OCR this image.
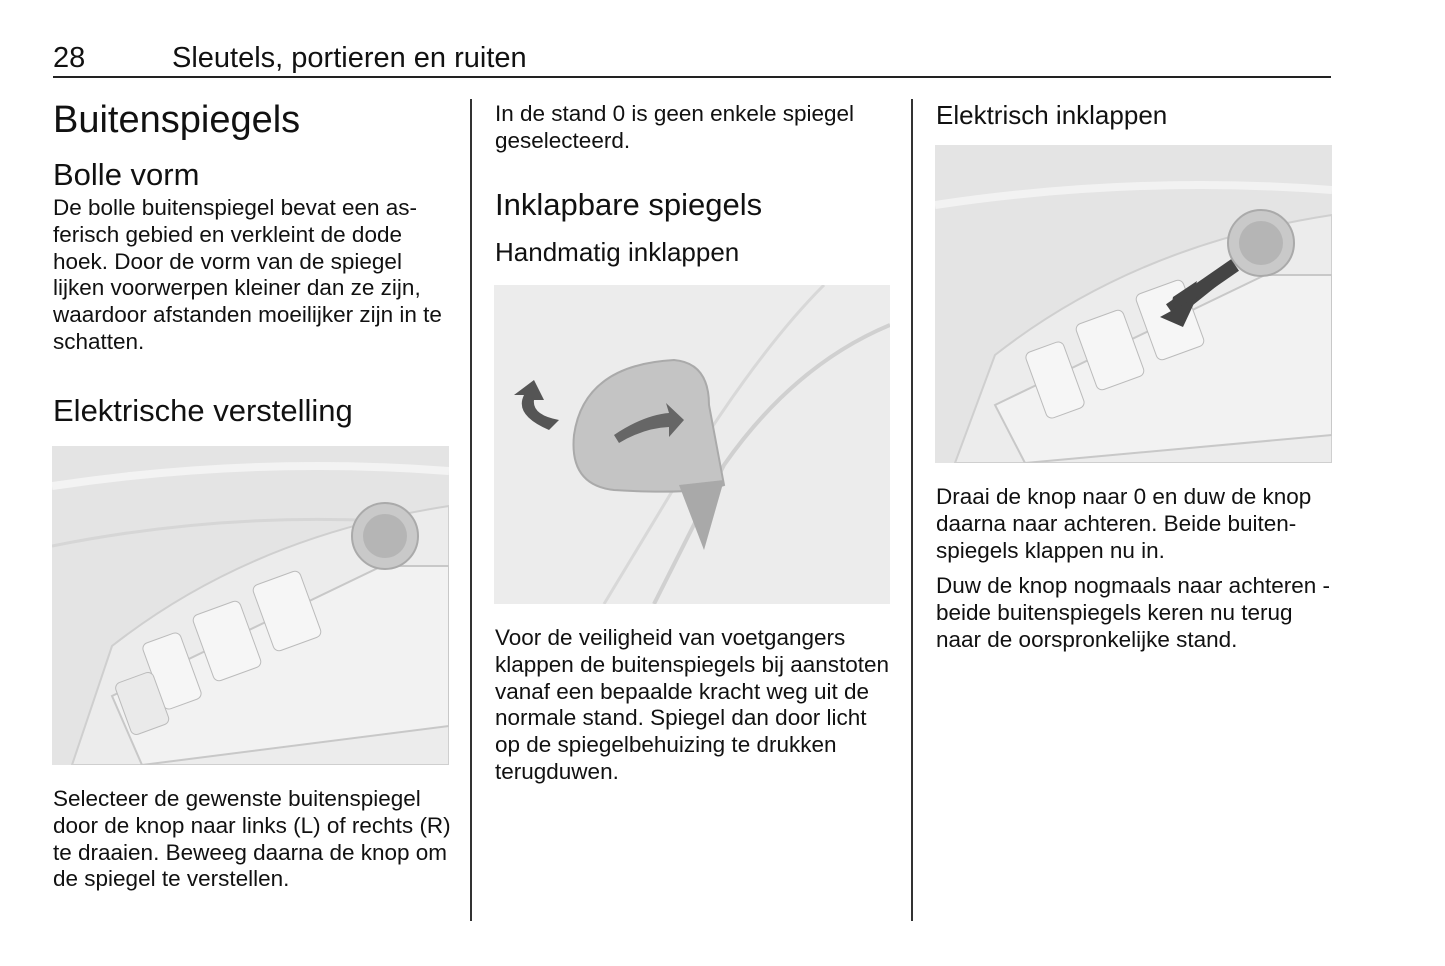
28	Sleutels, portieren en ruiten
Buitenspiegels
Bolle vorm

De bolle buitenspiegel bevat een asferisch gebied en verkleint de dode hoek. Door de vorm van de spiegel lijken voorwerpen kleiner dan ze zijn, waardoor afstanden moeilijker zijn in te schatten.

Elektrische verstelling

Selecteer de gewenste buitenspiegel door de knop naar links (L) of rechts (R) te draaien. Beweeg daarna de knop om de spiegel te verstellen.

In de stand 0 is geen enkele spiegel geselecteerd.

Inklapbare spiegels
Handmatig inklappen

Voor de veiligheid van voetgangers klappen de buitenspiegels bij aanstoten vanaf een bepaalde kracht weg uit de normale stand. Spiegel dan door licht op de spiegelbehuizing te drukken terugduwen.

Elektrisch inklappen

Draai de knop naar 0 en duw de knop daarna naar achteren. Beide buitenspiegels klappen nu in.

Duw de knop nogmaals naar achteren - beide buitenspiegels keren nu terug naar de oorspronkelijke stand.
